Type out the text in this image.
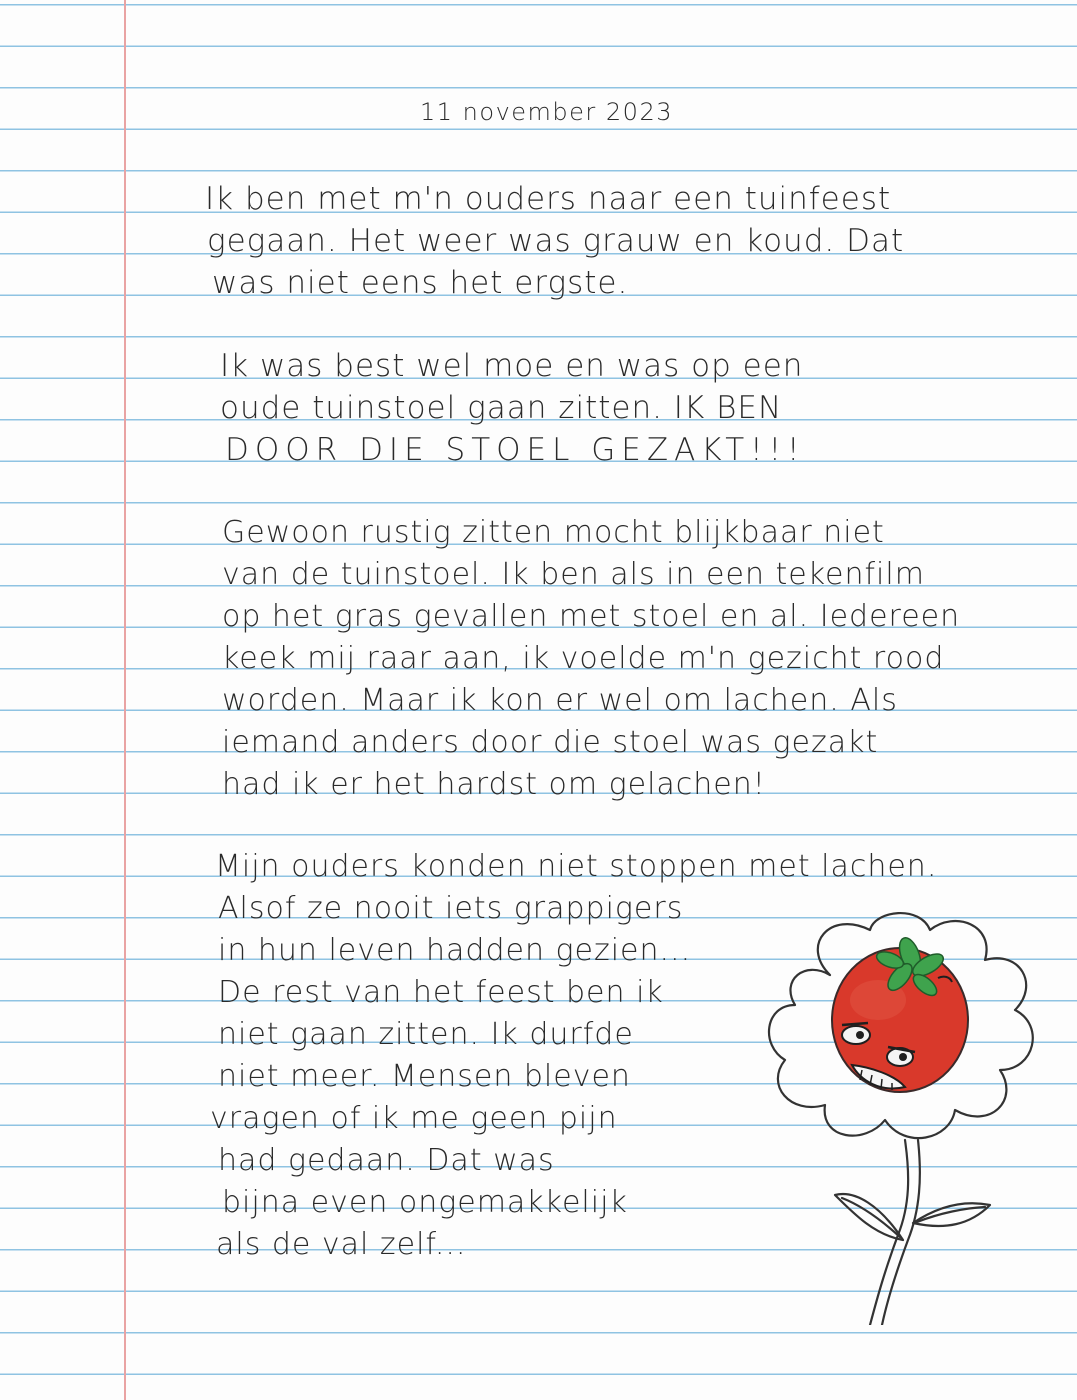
11 november 2023
Ik ben met m'n ouders naar een tuinfeest
gegaan. Het weer was grauw en koud. Dat
was niet eens het ergste.
Ik was best wel moe en was op een
oude tuinstoel gaan zitten. IK BEN
DOOR DIE STOEL GEZAKT!!!
Gewoon rustig zitten mocht blijkbaar niet
van de tuinstoel. Ik ben als in een tekenfilm
op het gras gevallen met stoel en al. Iedereen
keek mij raar aan, ik voelde m'n gezicht rood
worden. Maar ik kon er wel om lachen. Als
iemand anders door die stoel was gezakt
had ik er het hardst om gelachen!
Mijn ouders konden niet stoppen met lachen.
Alsof ze nooit iets grappigers
in hun leven hadden gezien...
De rest van het feest ben ik
niet gaan zitten. Ik durfde
niet meer. Mensen bleven
vragen of ik me geen pijn
had gedaan. Dat was
bijna even ongemakkelijk
als de val zelf...
